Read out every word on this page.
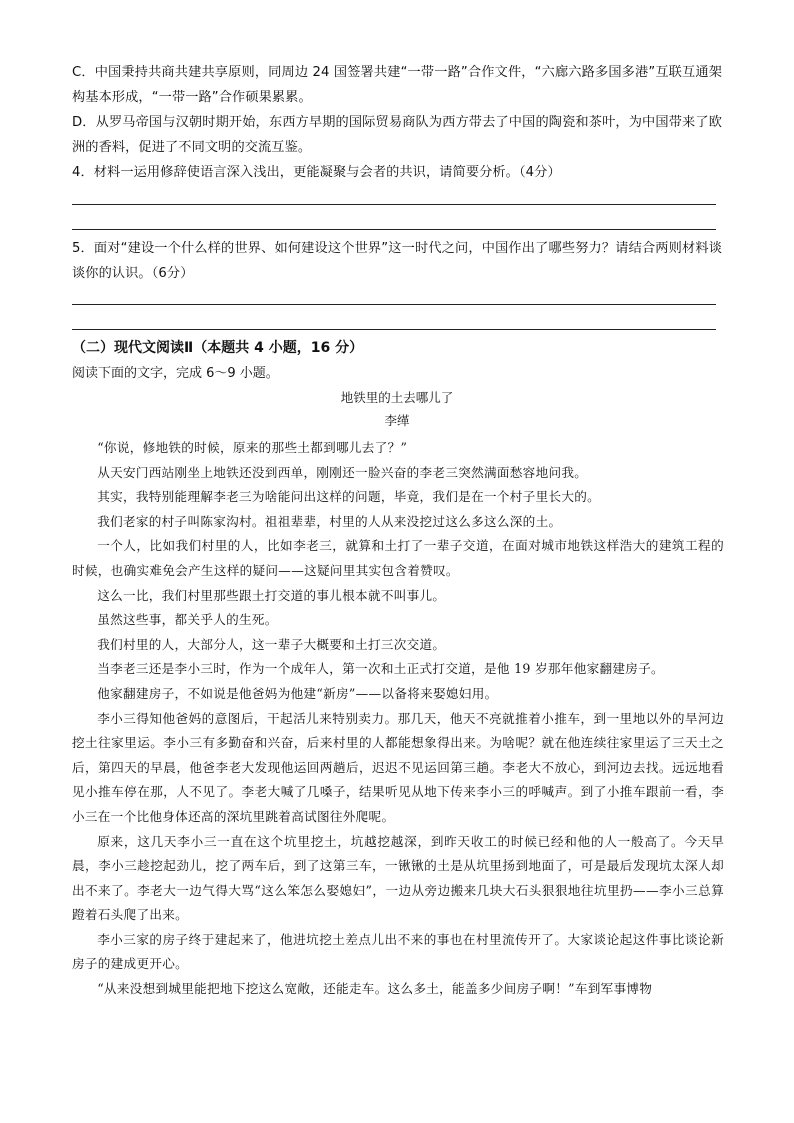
C．中国秉持共商共建共享原则，同周边 24 国签署共建“一带一路”合作文件，“六廊六路多国多港”互联互通架构基本形成，“一带一路”合作硕果累累。

D．从罗马帝国与汉朝时期开始，东西方早期的国际贸易商队为西方带去了中国的陶瓷和茶叶，为中国带来了欧洲的香料，促进了不同文明的交流互鉴。

4．材料一运用修辞使语言深入浅出，更能凝聚与会者的共识，请简要分析。（4分）

5．面对“建设一个什么样的世界、如何建设这个世界”这一时代之问，中国作出了哪些努力？请结合两则材料谈谈你的认识。（6分）

（二）现代文阅读Ⅱ（本题共 4 小题，16 分）

阅读下面的文字，完成 6～9 小题。

地铁里的土去哪儿了

李缂

“你说，修地铁的时候，原来的那些土都到哪儿去了？”

从天安门西站刚坐上地铁还没到西单，刚刚还一脸兴奋的李老三突然满面愁容地问我。

其实，我特别能理解李老三为啥能问出这样的问题，毕竟，我们是在一个村子里长大的。

我们老家的村子叫陈家沟村。祖祖辈辈，村里的人从来没挖过这么多这么深的土。

一个人，比如我们村里的人，比如李老三，就算和土打了一辈子交道，在面对城市地铁这样浩大的建筑工程的时候，也确实难免会产生这样的疑问——这疑问里其实包含着赞叹。

这么一比，我们村里那些跟土打交道的事儿根本就不叫事儿。

虽然这些事，都关乎人的生死。

我们村里的人，大部分人，这一辈子大概要和土打三次交道。

当李老三还是李小三时，作为一个成年人，第一次和土正式打交道，是他 19 岁那年他家翻建房子。

他家翻建房子，不如说是他爸妈为他建“新房”——以备将来娶媳妇用。

李小三得知他爸妈的意图后，干起活儿来特别卖力。那几天，他天不亮就推着小推车，到一里地以外的旱河边挖土往家里运。李小三有多勤奋和兴奋，后来村里的人都能想象得出来。为啥呢？就在他连续往家里运了三天土之后，第四天的早晨，他爸李老大发现他运回两趟后，迟迟不见运回第三趟。李老大不放心，到河边去找。远远地看见小推车停在那，人不见了。李老大喊了几嗓子，结果听见从地下传来李小三的呼喊声。到了小推车跟前一看，李小三在一个比他身体还高的深坑里跳着高试图往外爬呢。

原来，这几天李小三一直在这个坑里挖土，坑越挖越深，到昨天收工的时候已经和他的人一般高了。今天早晨，李小三趁挖起劲儿，挖了两车后，到了这第三车，一锹锹的土是从坑里扬到地面了，可是最后发现坑太深人却出不来了。李老大一边气得大骂“这么笨怎么娶媳妇”，一边从旁边搬来几块大石头狠狠地往坑里扔——李小三总算蹬着石头爬了出来。

李小三家的房子终于建起来了，他进坑挖土差点儿出不来的事也在村里流传开了。大家谈论起这件事比谈论新房子的建成更开心。

“从来没想到城里能把地下挖这么宽敞，还能走车。这么多土，能盖多少间房子啊！”车到军事博物
